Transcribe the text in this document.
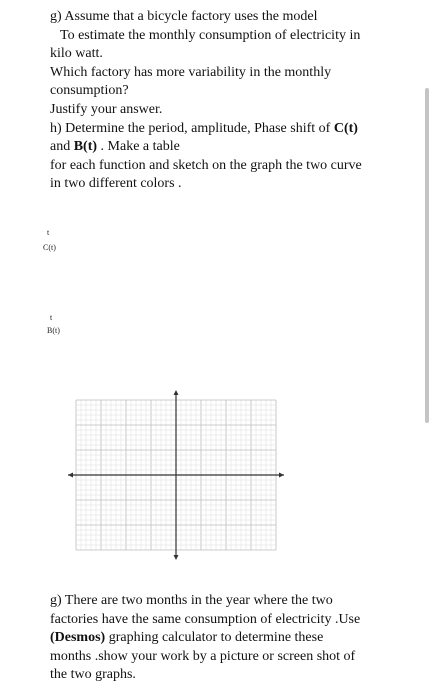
g) Assume that a bicycle factory uses the model

To estimate the monthly consumption of electricity in

kilo watt.

Which factory has more variability in the monthly

consumption?

Justify your answer.

h) Determine the period, amplitude, Phase shift of C(t)

and B(t) . Make a table

for each function and sketch on the graph the two curve

in two different colors .

t
C(t)
t
B(t)

g) There are two months in the year where the two

factories have the same consumption of electricity .Use

(Desmos) graphing calculator to determine these

months .show your work by a picture or screen shot of

the two graphs.
